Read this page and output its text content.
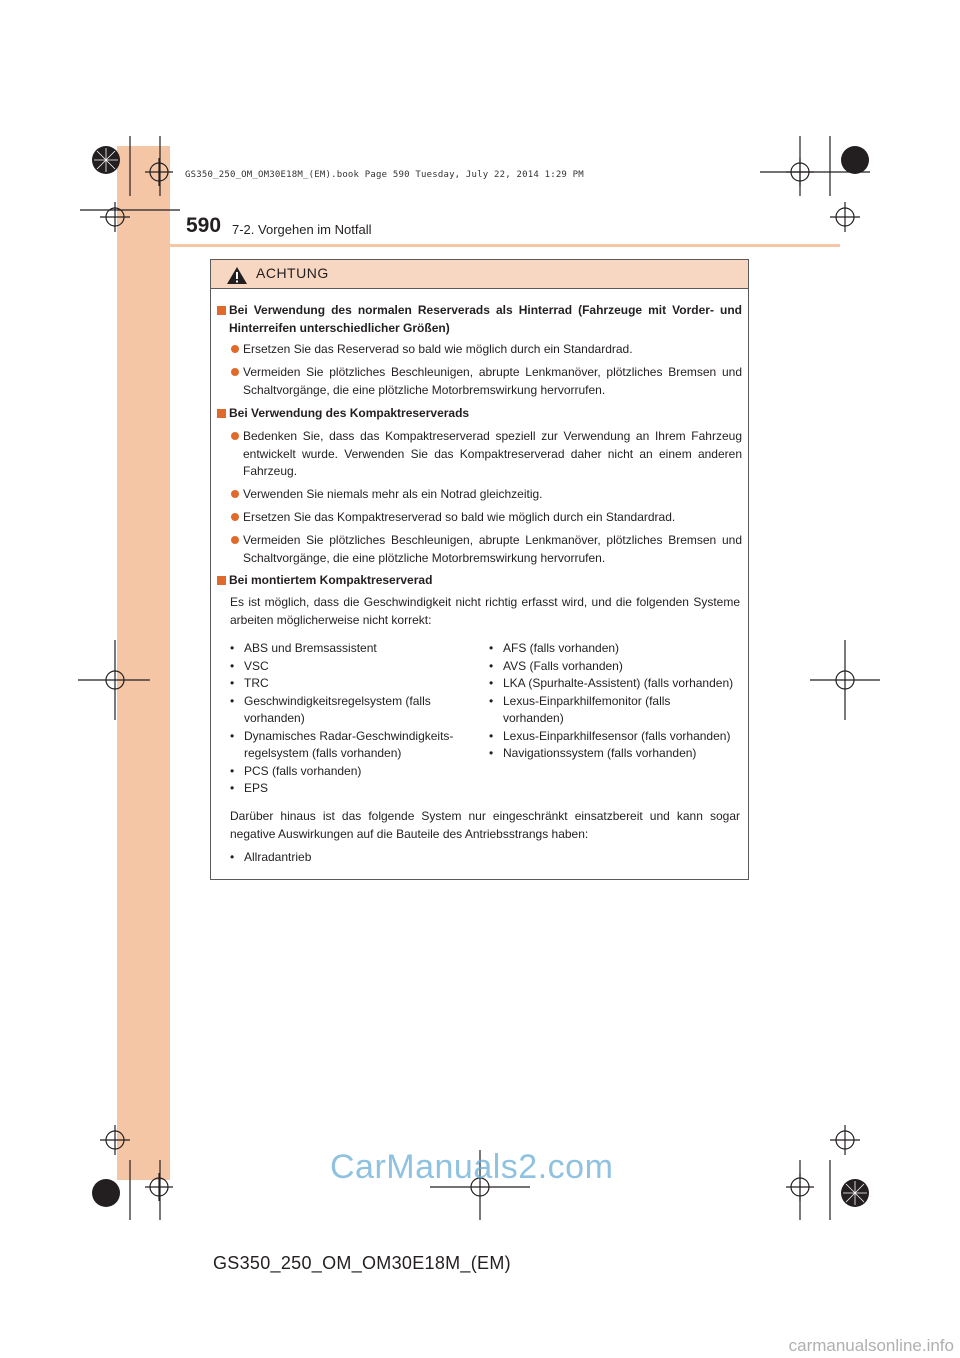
GS350_250_OM_OM30E18M_(EM).book Page 590 Tuesday, July 22, 2014 1:29 PM
590 7-2. Vorgehen im Notfall
ACHTUNG
Bei Verwendung des normalen Reserverads als Hinterrad (Fahrzeuge mit Vorder- und Hinterreifen unterschiedlicher Größen)
Ersetzen Sie das Reserverad so bald wie möglich durch ein Standardrad.
Vermeiden Sie plötzliches Beschleunigen, abrupte Lenkmanöver, plötzliches Bremsen und Schaltvorgänge, die eine plötzliche Motorbremswirkung hervorrufen.
Bei Verwendung des Kompaktreserverads
Bedenken Sie, dass das Kompaktreserverad speziell zur Verwendung an Ihrem Fahrzeug entwickelt wurde. Verwenden Sie das Kompaktreserverad daher nicht an einem anderen Fahrzeug.
Verwenden Sie niemals mehr als ein Notrad gleichzeitig.
Ersetzen Sie das Kompaktreserverad so bald wie möglich durch ein Standardrad.
Vermeiden Sie plötzliches Beschleunigen, abrupte Lenkmanöver, plötzliches Bremsen und Schaltvorgänge, die eine plötzliche Motorbremswirkung hervorrufen.
Bei montiertem Kompaktreserverad
Es ist möglich, dass die Geschwindigkeit nicht richtig erfasst wird, und die folgenden Systeme arbeiten möglicherweise nicht korrekt:
• ABS und Bremsassistent
• VSC
• TRC
• Geschwindigkeitsregelsystem (falls vorhanden)
• Dynamisches Radar-Geschwindigkeits-regelsystem (falls vorhanden)
• PCS (falls vorhanden)
• EPS
• AFS (falls vorhanden)
• AVS (Falls vorhanden)
• LKA (Spurhalte-Assistent) (falls vorhanden)
• Lexus-Einparkhilfemonitor (falls vorhanden)
• Lexus-Einparkhilfesensor (falls vorhanden)
• Navigationssystem (falls vorhanden)
Darüber hinaus ist das folgende System nur eingeschränkt einsatzbereit und kann sogar negative Auswirkungen auf die Bauteile des Antriebsstrangs haben:
• Allradantrieb
CarManuals2.com
GS350_250_OM_OM30E18M_(EM)
carmanualsonline.info
